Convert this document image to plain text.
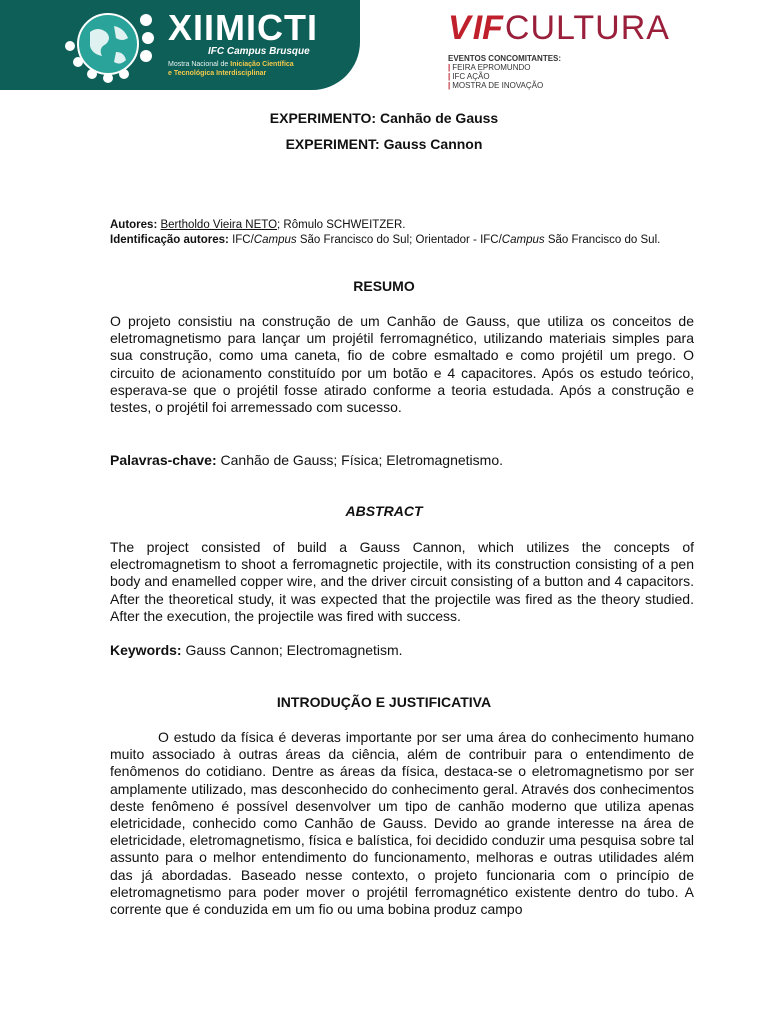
XIIMICTI
IFC Campus Brusque
Mostra Nacional de Iniciação Científica
e Tecnológica Interdisciplinar
V IF CULTURA
EVENTOS CONCOMITANTES:
| FEIRA EPROMUNDO
| IFC AÇÃO
| MOSTRA DE INOVAÇÃO
EXPERIMENTO: Canhão de Gauss
EXPERIMENT: Gauss Cannon
Autores: Bertholdo Vieira NETO; Rômulo SCHWEITZER.
Identificação autores: IFC/Campus São Francisco do Sul; Orientador - IFC/Campus São Francisco do Sul.
RESUMO

O projeto consistiu na construção de um Canhão de Gauss, que utiliza os conceitos de eletromagnetismo para lançar um projétil ferromagnético, utilizando materiais simples para sua construção, como uma caneta, fio de cobre esmaltado e como projétil um prego. O circuito de acionamento constituído por um botão e 4 capacitores. Após os estudo teórico, esperava-se que o projétil fosse atirado conforme a teoria estudada. Após a construção e testes, o projétil foi arremessado com sucesso.

Palavras-chave: Canhão de Gauss; Física; Eletromagnetismo.
ABSTRACT

The project consisted of build a Gauss Cannon, which utilizes the concepts of electromagnetism to shoot a ferromagnetic projectile, with its construction consisting of a pen body and enamelled copper wire, and the driver circuit consisting of a button and 4 capacitors. After the theoretical study, it was expected that the projectile was fired as the theory studied. After the execution, the projectile was fired with success.

Keywords: Gauss Cannon; Electromagnetism.
INTRODUÇÃO E JUSTIFICATIVA

O estudo da física é deveras importante por ser uma área do conhecimento humano muito associado à outras áreas da ciência, além de contribuir para o entendimento de fenômenos do cotidiano. Dentre as áreas da física, destaca-se o eletromagnetismo por ser amplamente utilizado, mas desconhecido do conhecimento geral. Através dos conhecimentos deste fenômeno é possível desenvolver um tipo de canhão moderno que utiliza apenas eletricidade, conhecido como Canhão de Gauss. Devido ao grande interesse na área de eletricidade, eletromagnetismo, física e balística, foi decidido conduzir uma pesquisa sobre tal assunto para o melhor entendimento do funcionamento, melhoras e outras utilidades além das já abordadas. Baseado nesse contexto, o projeto funcionaria com o princípio de eletromagnetismo para poder mover o projétil ferromagnético existente dentro do tubo. A corrente que é conduzida em um fio ou uma bobina produz campo
